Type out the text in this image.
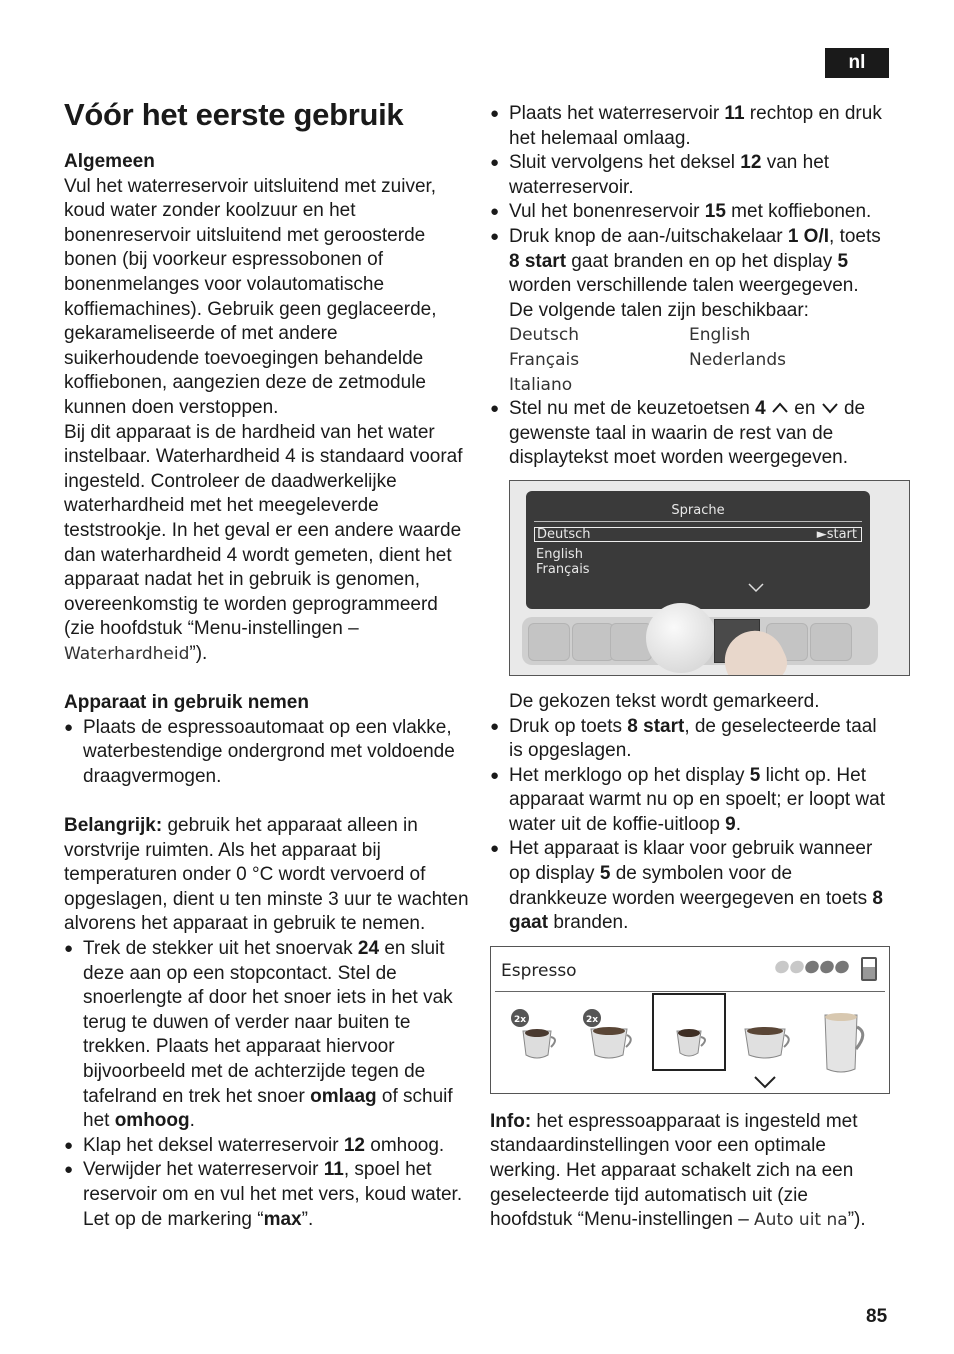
nl
Vóór het eerste gebruik

Algemeen

Vul het waterreservoir uitsluitend met zuiver, koud water zonder koolzuur en het bonenreservoir uitsluitend met geroosterde bonen (bij voorkeur espressobonen of bonenmelanges voor volautomatische koffiemachines). Gebruik geen geglaceerde, gekarameliseerde of met andere suikerhoudende toevoegingen behandelde koffiebonen, aangezien deze de zetmodule kunnen doen verstoppen.

Bij dit apparaat is de hardheid van het water instelbaar. Waterhardheid 4 is standaard vooraf ingesteld. Controleer de daadwerkelijke waterhardheid met het meegeleverde teststrookje. In het geval er een andere waarde dan waterhardheid 4 wordt gemeten, dient het apparaat nadat het in gebruik is genomen, overeenkomstig te worden geprogrammeerd (zie hoofdstuk “Menu-instellingen – Waterhardheid”).

Apparaat in gebruik nemen

● Plaats de espressoautomaat op een vlakke, waterbestendige ondergrond met voldoende draagvermogen.

Belangrijk: gebruik het apparaat alleen in vorstvrije ruimten. Als het apparaat bij temperaturen onder 0 °C wordt vervoerd of opgeslagen, dient u ten minste 3 uur te wachten alvorens het apparaat in gebruik te nemen.

● Trek de stekker uit het snoervak 24 en sluit deze aan op een stopcontact. Stel de snoerlengte af door het snoer iets in het vak terug te duwen of verder naar buiten te trekken. Plaats het apparaat hiervoor bijvoorbeeld met de achterzijde tegen de tafelrand en trek het snoer omlaag of schuif het omhoog.
● Klap het deksel waterreservoir 12 omhoog.
● Verwijder het waterreservoir 11, spoel het reservoir om en vul het met vers, koud water. Let op de markering “max”.
● Plaats het waterreservoir 11 rechtop en druk het helemaal omlaag.
● Sluit vervolgens het deksel 12 van het waterreservoir.
● Vul het bonenreservoir 15 met koffiebonen.
● Druk knop de aan-/uitschakelaar 1 O/I, toets 8 start gaat branden en op het display 5 worden verschillende talen weergegeven.

De volgende talen zijn beschikbaar:

Deutsch	English
Français	Nederlands
Italiano
● Stel nu met de keuzetoetsen 4  en  de gewenste taal in waarin de rest van de displaytekst moet worden weergegeven.
Sprache
Deutsch	►start
English
Français

De gekozen tekst wordt gemarkeerd.

● Druk op toets 8 start, de geselecteerde taal is opgeslagen.
● Het merklogo op het display 5 licht op. Het apparaat warmt nu op en spoelt; er loopt wat water uit de koffie-uitloop 9.
● Het apparaat is klaar voor gebruik wanneer op display 5 de symbolen voor de drankkeuze worden weergegeven en toets 8 gaat branden.
Espresso
2x	2x

Info: het espressoapparaat is ingesteld met standaardinstellingen voor een optimale werking. Het apparaat schakelt zich na een geselecteerde tijd automatisch uit (zie hoofdstuk “Menu-instellingen – Auto uit na”).

85
